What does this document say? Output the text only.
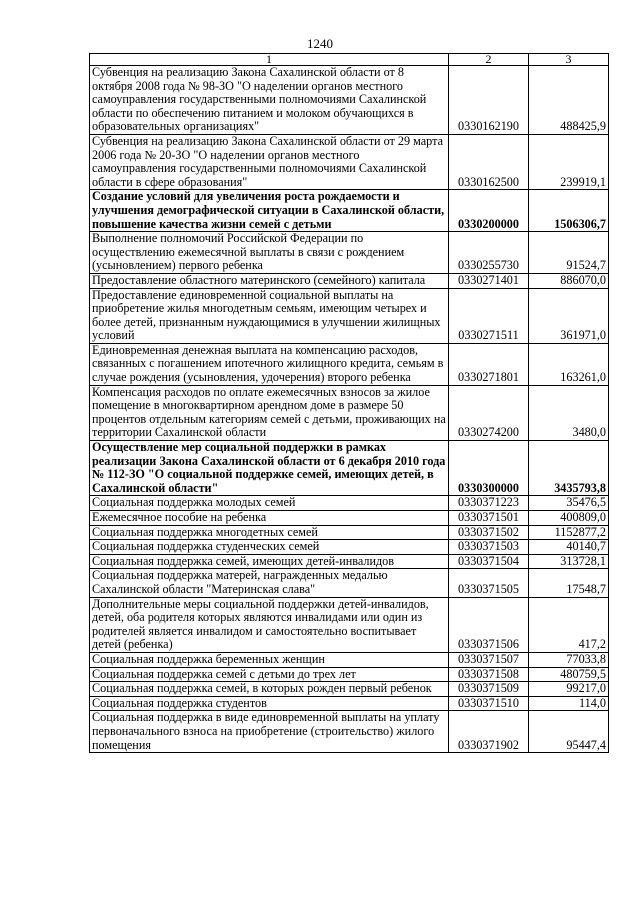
1240
1	2	3
Субвенция на реализацию Закона Сахалинской области от 8 октября 2008 года № 98-ЗО "О наделении органов местного самоуправления государственными полномочиями Сахалинской области по обеспечению питанием и молоком обучающихся в образовательных организациях"	0330162190	488425,9
Субвенция на реализацию Закона Сахалинской области от 29 марта 2006 года № 20-ЗО "О наделении органов местного самоуправления государственными полномочиями Сахалинской области в сфере образования"	0330162500	239919,1
Создание условий для увеличения роста рождаемости и улучшения демографической ситуации в Сахалинской области, повышение качества жизни семей с детьми	0330200000	1506306,7
Выполнение полномочий Российской Федерации по осуществлению ежемесячной выплаты в связи с рождением (усыновлением) первого ребенка	0330255730	91524,7
Предоставление областного материнского (семейного) капитала	0330271401	886070,0
Предоставление единовременной социальной выплаты на приобретение жилья многодетным семьям, имеющим четырех и более детей, признанным нуждающимися в улучшении жилищных условий	0330271511	361971,0
Единовременная денежная выплата на компенсацию расходов, связанных с погашением ипотечного жилищного кредита, семьям в случае рождения (усыновления, удочерения) второго ребенка	0330271801	163261,0
Компенсация расходов по оплате ежемесячных взносов за жилое помещение в многоквартирном арендном доме в размере 50 процентов отдельным категориям семей с детьми, проживающих на территории Сахалинской области	0330274200	3480,0
Осуществление мер социальной поддержки в рамках реализации Закона Сахалинской области от 6 декабря 2010 года № 112-ЗО "О социальной поддержке семей, имеющих детей, в Сахалинской области"	0330300000	3435793,8
Социальная поддержка молодых семей	0330371223	35476,5
Ежемесячное пособие на ребенка	0330371501	400809,0
Социальная поддержка многодетных семей	0330371502	1152877,2
Социальная поддержка студенческих семей	0330371503	40140,7
Социальная поддержка семей, имеющих детей-инвалидов	0330371504	313728,1
Социальная поддержка матерей, награжденных медалью Сахалинской области "Материнская слава"	0330371505	17548,7
Дополнительные меры социальной поддержки детей-инвалидов, детей, оба родителя которых являются инвалидами или один из родителей является инвалидом и самостоятельно воспитывает детей (ребенка)	0330371506	417,2
Социальная поддержка беременных женщин	0330371507	77033,8
Социальная поддержка семей с детьми до трех лет	0330371508	480759,5
Социальная поддержка семей, в которых рожден первый ребенок	0330371509	99217,0
Социальная поддержка студентов	0330371510	114,0
Социальная поддержка в виде единовременной выплаты на уплату первоначального взноса на приобретение (строительство) жилого помещения	0330371902	95447,4
